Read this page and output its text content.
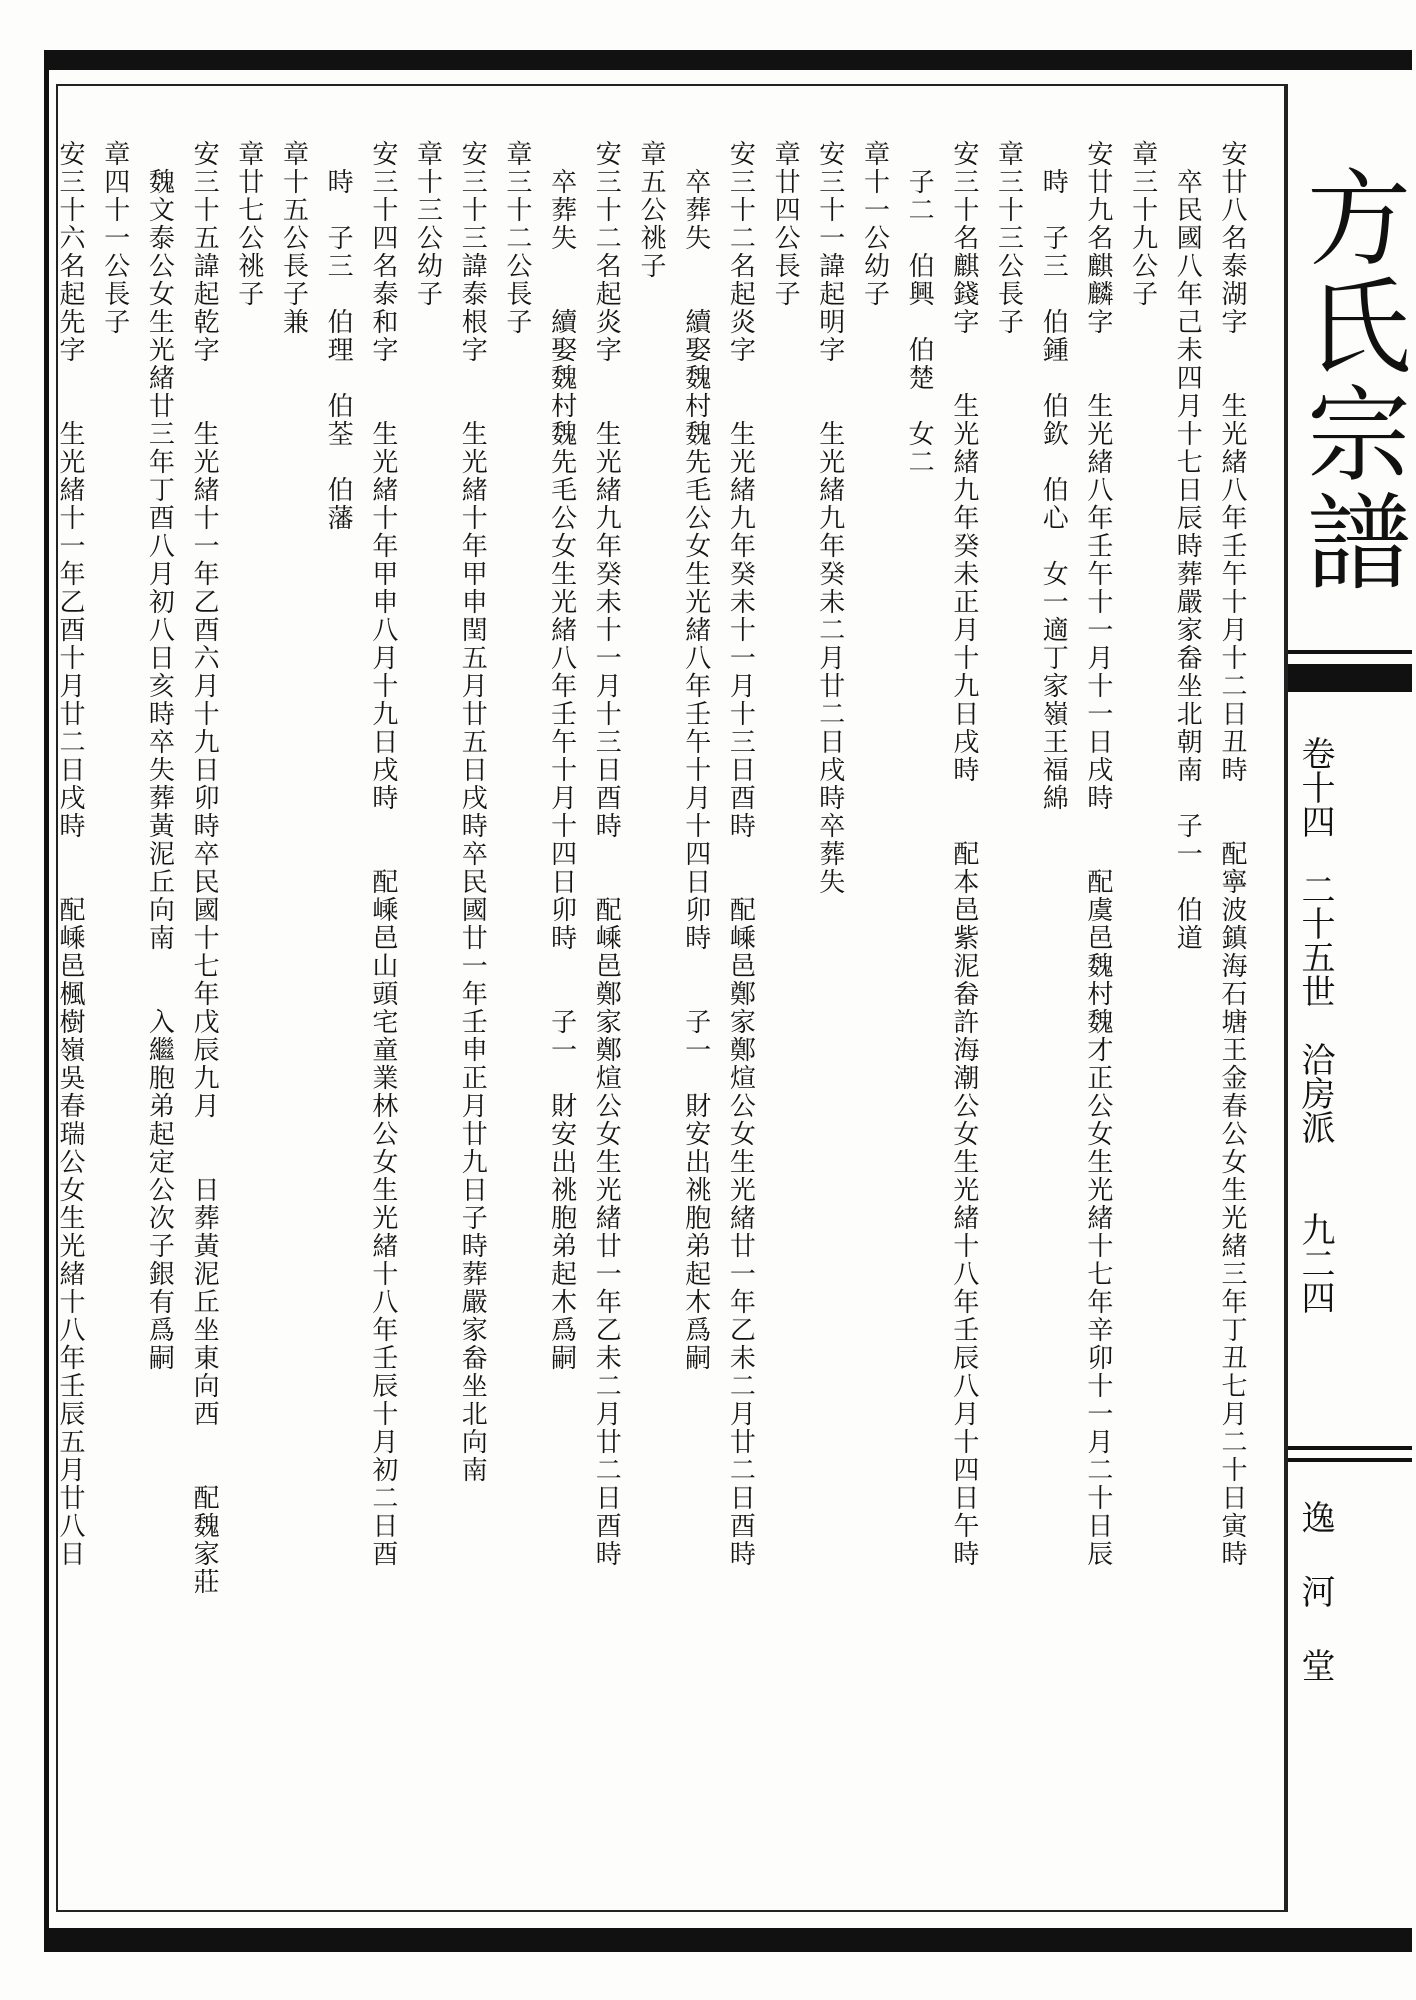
方氏宗譜
卷十四　二十五世　洽房派　　九二四
逸河堂
安廿八名泰湖字　　生光緒八年壬午十月十二日丑時　　配寧波鎮海石塘王金春公女生光緒三年丁丑七月二十日寅時
　卒民國八年己未四月十七日辰時葬嚴家畚坐北朝南　子一　伯道
章三十九公子
安廿九名麒麟字　　生光緒八年壬午十一月十一日戌時　　配虞邑魏村魏才正公女生光緒十七年辛卯十一月二十日辰
　時　子三　伯鍾　伯欽　伯心　女一適丁家嶺王福綿
章三十三公長子
安三十名麒錢字　　生光緒九年癸未正月十九日戌時　　配本邑紫泥畚許海潮公女生光緒十八年壬辰八月十四日午時
　子二　伯興　伯楚　女二
章十一公幼子
安三十一諱起明字　　生光緒九年癸未二月廿二日戌時卒葬失
章廿四公長子
安三十二名起炎字　　生光緒九年癸未十一月十三日酉時　　配嵊邑鄭家鄭煊公女生光緒廿一年乙未二月廿二日酉時
　卒葬失　　續娶魏村魏先毛公女生光緒八年壬午十月十四日卯時　　子一　財安出祧胞弟起木爲嗣
章五公祧子
安三十二名起炎字　　生光緒九年癸未十一月十三日酉時　　配嵊邑鄭家鄭煊公女生光緒廿一年乙未二月廿二日酉時
　卒葬失　　續娶魏村魏先毛公女生光緒八年壬午十月十四日卯時　　子一　財安出祧胞弟起木爲嗣
章三十二公長子
安三十三諱泰根字　　生光緒十年甲申閏五月廿五日戌時卒民國廿一年壬申正月廿九日子時葬嚴家畚坐北向南
章十三公幼子
安三十四名泰和字　　生光緒十年甲申八月十九日戌時　　配嵊邑山頭宅童業林公女生光緒十八年壬辰十月初二日酉
　時　子三　伯理　伯荃　伯藩
章十五公長子兼
章廿七公祧子
安三十五諱起乾字　　生光緒十一年乙酉六月十九日卯時卒民國十七年戊辰九月　　日葬黃泥丘坐東向西　　配魏家莊
　魏文泰公女生光緒廿三年丁酉八月初八日亥時卒失葬黃泥丘向南　　入繼胞弟起定公次子銀有爲嗣
章四十一公長子
安三十六名起先字　　生光緒十一年乙酉十月廿二日戌時　　配嵊邑楓樹嶺吳春瑞公女生光緒十八年壬辰五月廿八日
